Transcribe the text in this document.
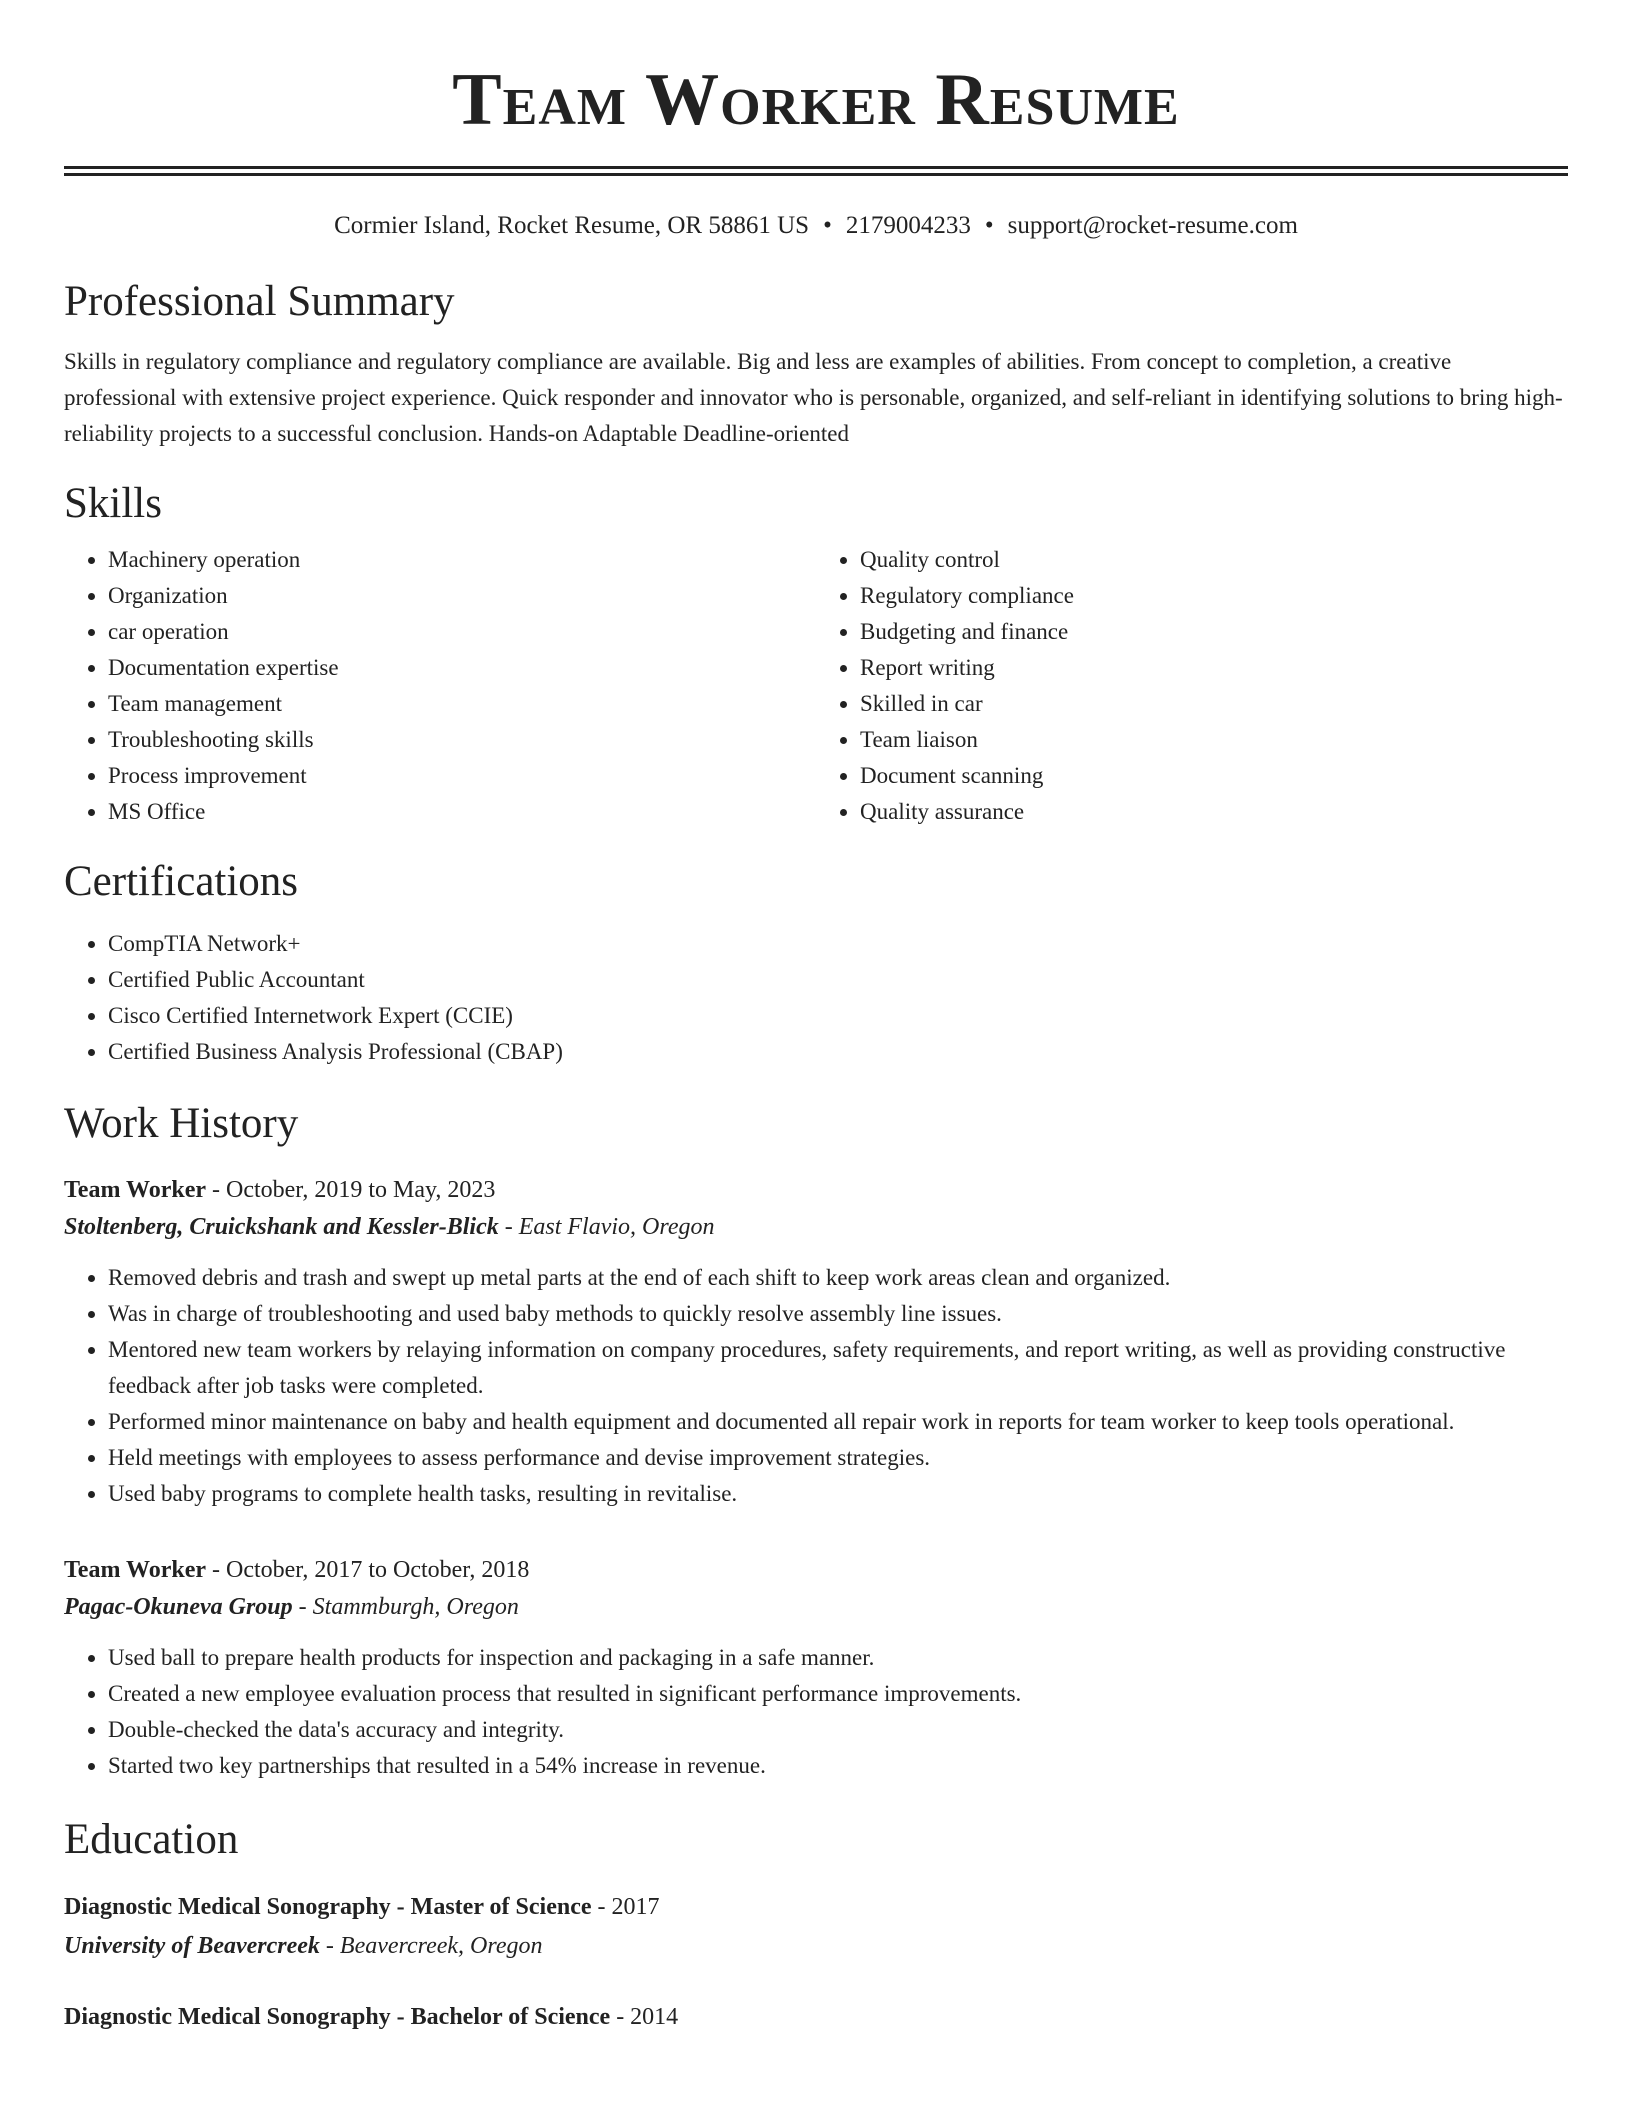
Team Worker Resume
Cormier Island, Rocket Resume, OR 58861 US • 2179004233 • support@rocket-resume.com
Professional Summary

Skills in regulatory compliance and regulatory compliance are available. Big and less are examples of abilities. From concept to completion, a creative professional with extensive project experience. Quick responder and innovator who is personable, organized, and self-reliant in identifying solutions to bring high-reliability projects to a successful conclusion. Hands-on Adaptable Deadline-oriented

Skills
• Machinery operation
• Organization
• car operation
• Documentation expertise
• Team management
• Troubleshooting skills
• Process improvement
• MS Office
• Quality control
• Regulatory compliance
• Budgeting and finance
• Report writing
• Skilled in car
• Team liaison
• Document scanning
• Quality assurance
Certifications
• CompTIA Network+
• Certified Public Accountant
• Cisco Certified Internetwork Expert (CCIE)
• Certified Business Analysis Professional (CBAP)
Work History
Team Worker - October, 2019 to May, 2023
Stoltenberg, Cruickshank and Kessler-Blick - East Flavio, Oregon
• Removed debris and trash and swept up metal parts at the end of each shift to keep work areas clean and organized.
• Was in charge of troubleshooting and used baby methods to quickly resolve assembly line issues.
• Mentored new team workers by relaying information on company procedures, safety requirements, and report writing, as well as providing constructive feedback after job tasks were completed.
• Performed minor maintenance on baby and health equipment and documented all repair work in reports for team worker to keep tools operational.
• Held meetings with employees to assess performance and devise improvement strategies.
• Used baby programs to complete health tasks, resulting in revitalise.
Team Worker - October, 2017 to October, 2018
Pagac-Okuneva Group - Stammburgh, Oregon
• Used ball to prepare health products for inspection and packaging in a safe manner.
• Created a new employee evaluation process that resulted in significant performance improvements.
• Double-checked the data's accuracy and integrity.
• Started two key partnerships that resulted in a 54% increase in revenue.
Education
Diagnostic Medical Sonography - Master of Science - 2017
University of Beavercreek - Beavercreek, Oregon
Diagnostic Medical Sonography - Bachelor of Science - 2014
